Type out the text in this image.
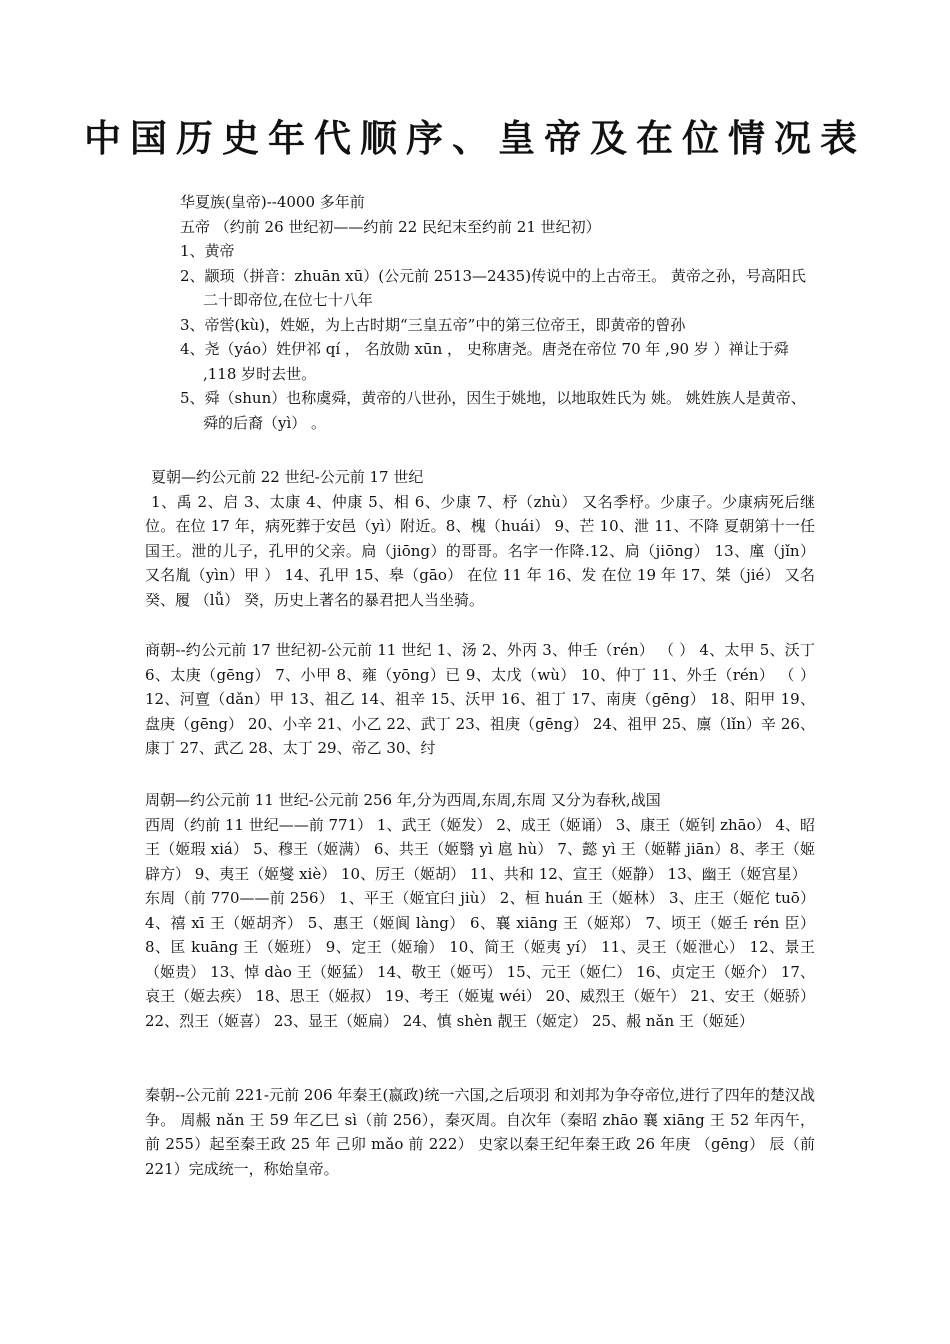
中国历史年代顺序、皇帝及在位情况表

华夏族(皇帝)--4000 多年前

五帝 （约前 26 世纪初——约前 22 民纪末至约前 21 世纪初）

1、黄帝

2、颛顼（拼音：zhuān xū）(公元前 2513—2435)传说中的上古帝王。 黄帝之孙，号高阳氏二十即帝位,在位七十八年

3、帝喾(kù)，姓姬，为上古时期“三皇五帝”中的第三位帝王，即黄帝的曾孙

4、尧（yáo）姓伊祁 qí ， 名放勋 xūn ， 史称唐尧。唐尧在帝位 70 年 ,90 岁 ）禅让于舜 ,118 岁时去世。

5、舜（shun）也称虞舜，黄帝的八世孙，因生于姚地，以地取姓氏为 姚。 姚姓族人是黄帝、舜的后裔（yì） 。

夏朝—约公元前 22 世纪-公元前 17 世纪

1、禹 2、启 3、太康 4、仲康 5、相 6、少康 7、杼（zhù） 又名季杼。少康子。少康病死后继位。在位 17 年，病死葬于安邑（yì）附近。8、槐（huái） 9、芒 10、泄 11、不降 夏朝第十一任国王。泄的儿子，孔甲的父亲。扃（jiōng）的哥哥。名字一作降.12、扃（jiōng） 13、廑（jǐn） 又名胤（yìn）甲 ） 14、孔甲 15、皋（gāo） 在位 11 年 16、发 在位 19 年 17、桀（jié） 又名癸、履 （lǚ） 癸，历史上著名的暴君把人当坐骑。

商朝--约公元前 17 世纪初-公元前 11 世纪 1、汤 2、外丙 3、仲壬（rén） （ ） 4、太甲 5、沃丁 6、太庚（gēng） 7、小甲 8、雍（yōng）已 9、太戊（wù） 10、仲丁 11、外壬（rén） （ ） 12、河亶（dǎn）甲 13、祖乙 14、祖辛 15、沃甲 16、祖丁 17、南庚（gēng） 18、阳甲 19、盘庚（gēng） 20、小辛 21、小乙 22、武丁 23、祖庚（gēng） 24、祖甲 25、廪（lǐn）辛 26、康丁 27、武乙 28、太丁 29、帝乙 30、纣

周朝—约公元前 11 世纪-公元前 256 年,分为西周,东周,东周 又分为春秋,战国

西周（约前 11 世纪——前 771） 1、武王（姬发） 2、成王（姬诵） 3、康王（姬钊 zhāo） 4、昭王（姬瑕 xiá） 5、穆王（姬满） 6、共王（姬翳 yì 扈 hù） 7、懿 yì 王（姬鞯 jiān）8、孝王（姬辟方） 9、夷王（姬燮 xiè） 10、厉王（姬胡） 11、共和 12、宣王（姬静） 13、幽王（姬宫星）

东周（前 770——前 256） 1、平王（姬宜臼 jiù） 2、桓 huán 王（姬林） 3、庄王（姬佗 tuō） 4、禧 xī 王（姬胡齐） 5、惠王（姬阆 làng） 6、襄 xiāng 王（姬郑） 7、顷王（姬壬 rén 臣） 8、匡 kuāng 王（姬班） 9、定王（姬瑜） 10、简王（姬夷 yí） 11、灵王（姬泄心） 12、景王（姬贵） 13、悼 dào 王（姬猛） 14、敬王（姬丐） 15、元王（姬仁） 16、贞定王（姬介） 17、哀王（姬去疾） 18、思王（姬叔） 19、考王（姬嵬 wéi） 20、威烈王（姬午） 21、安王（姬骄） 22、烈王（姬喜） 23、显王（姬扁） 24、慎 shèn 靓王（姬定） 25、赧 nǎn 王（姬延）

秦朝--公元前 221-元前 206 年秦王(嬴政)统一六国,之后项羽 和刘邦为争夺帝位,进行了四年的楚汉战争。 周赧 nǎn 王 59 年乙巳 sì（前 256），秦灭周。自次年（秦昭 zhāo 襄 xiāng 王 52 年丙午，前 255）起至秦王政 25 年 己卯 mǎo 前 222） 史家以秦王纪年秦王政 26 年庚 （gēng） 辰（前 221）完成统一，称始皇帝。
